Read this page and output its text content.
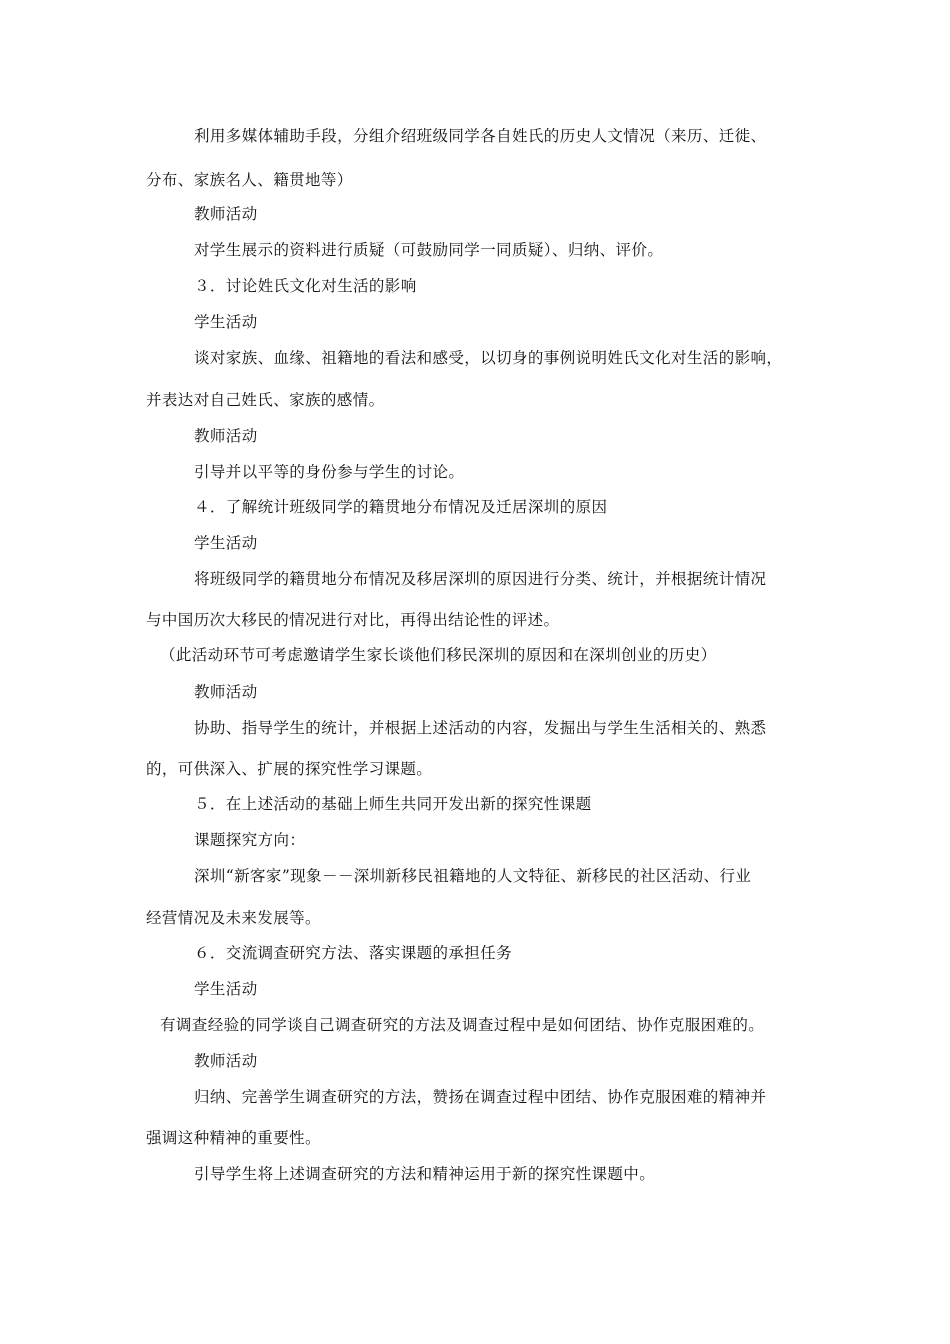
利用多媒体辅助手段，分组介绍班级同学各自姓氏的历史人文情况（来历、迁徙、
分布、家族名人、籍贯地等）
教师活动
对学生展示的资料进行质疑（可鼓励同学一同质疑）、归纳、评价。
３．讨论姓氏文化对生活的影响
学生活动
谈对家族、血缘、祖籍地的看法和感受，以切身的事例说明姓氏文化对生活的影响，
并表达对自己姓氏、家族的感情。
教师活动
引导并以平等的身份参与学生的讨论。
４．了解统计班级同学的籍贯地分布情况及迁居深圳的原因
学生活动
将班级同学的籍贯地分布情况及移居深圳的原因进行分类、统计，并根据统计情况
与中国历次大移民的情况进行对比，再得出结论性的评述。
（此活动环节可考虑邀请学生家长谈他们移民深圳的原因和在深圳创业的历史）
教师活动
协助、指导学生的统计，并根据上述活动的内容，发掘出与学生生活相关的、熟悉
的，可供深入、扩展的探究性学习课题。
５．在上述活动的基础上师生共同开发出新的探究性课题
课题探究方向：
深圳“新客家”现象－－深圳新移民祖籍地的人文特征、新移民的社区活动、行业
经营情况及未来发展等。
６．交流调查研究方法、落实课题的承担任务
学生活动
有调查经验的同学谈自己调查研究的方法及调查过程中是如何团结、协作克服困难的。
教师活动
归纳、完善学生调查研究的方法，赞扬在调查过程中团结、协作克服困难的精神并
强调这种精神的重要性。
引导学生将上述调查研究的方法和精神运用于新的探究性课题中。
